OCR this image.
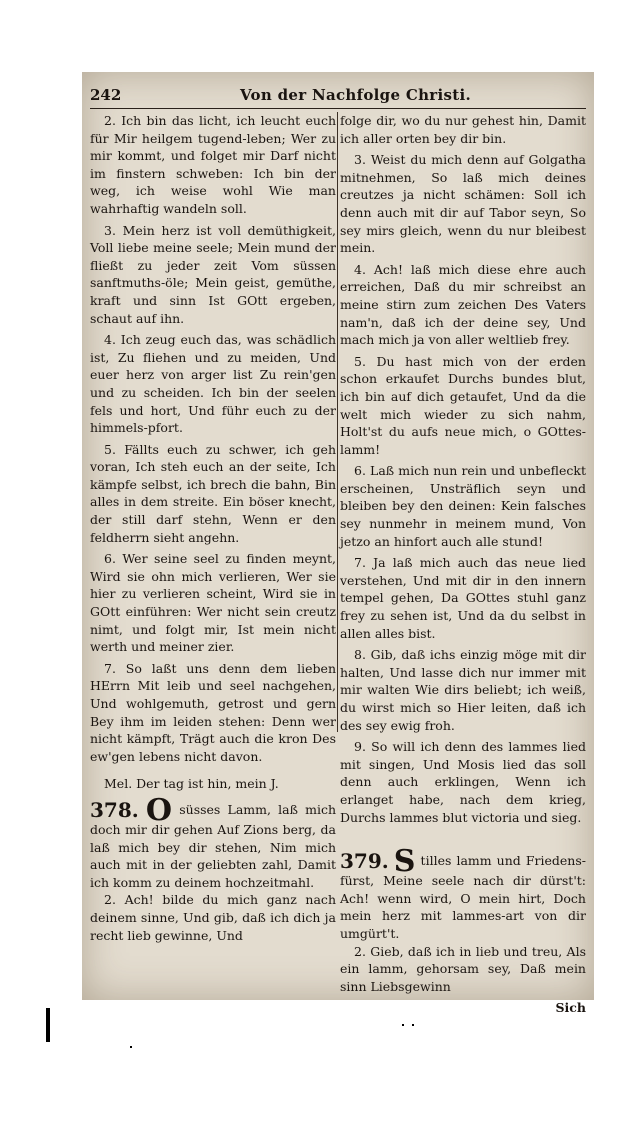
242	Von der Nachfolge Christi.

2. Ich bin das licht, ich leucht euch für Mir heilgem tugend-leben; Wer zu mir kommt, und folget mir Darf nicht im finstern schweben: Ich bin der weg, ich weise wohl Wie man wahrhaftig wandeln soll.

3. Mein herz ist voll demüthigkeit, Voll liebe meine seele; Mein mund der fließt zu jeder zeit Vom süssen sanftmuths-öle; Mein geist, gemüthe, kraft und sinn Ist GOtt ergeben, schaut auf ihn.

4. Ich zeug euch das, was schädlich ist, Zu fliehen und zu meiden, Und euer herz von arger list Zu rein'gen und zu scheiden. Ich bin der seelen fels und hort, Und führ euch zu der himmels-pfort.

5. Fällts euch zu schwer, ich geh voran, Ich steh euch an der seite, Ich kämpfe selbst, ich brech die bahn, Bin alles in dem streite. Ein böser knecht, der still darf stehn, Wenn er den feldherrn sieht angehn.

6. Wer seine seel zu finden meynt, Wird sie ohn mich verlieren, Wer sie hier zu verlieren scheint, Wird sie in GOtt einführen: Wer nicht sein creutz nimt, und folgt mir, Ist mein nicht werth und meiner zier.

7. So laßt uns denn dem lieben HErrn Mit leib und seel nachgehen, Und wohlgemuth, getrost und gern Bey ihm im leiden stehen: Denn wer nicht kämpft, Trägt auch die kron Des ew'gen lebens nicht davon.

Mel. Der tag ist hin, mein J.

378. O süsses Lamm, laß mich doch mir dir gehen Auf Zions berg, da laß mich bey dir stehen, Nim mich auch mit in der geliebten zahl, Damit ich komm zu deinem hochzeitmahl.

2. Ach! bilde du mich ganz nach deinem sinne, Und gib, daß ich dich ja recht lieb gewinne, Und

folge dir, wo du nur gehest hin, Damit ich aller orten bey dir bin.

3. Weist du mich denn auf Golgatha mitnehmen, So laß mich deines creutzes ja nicht schämen: Soll ich denn auch mit dir auf Tabor seyn, So sey mirs gleich, wenn du nur bleibest mein.

4. Ach! laß mich diese ehre auch erreichen, Daß du mir schreibst an meine stirn zum zeichen Des Vaters nam'n, daß ich der deine sey, Und mach mich ja von aller weltlieb frey.

5. Du hast mich von der erden schon erkaufet Durchs bundes blut, ich bin auf dich getaufet, Und da die welt mich wieder zu sich nahm, Holt'st du aufs neue mich, o GOttes-lamm!

6. Laß mich nun rein und unbefleckt erscheinen, Unsträflich seyn und bleiben bey den deinen: Kein falsches sey nunmehr in meinem mund, Von jetzo an hinfort auch alle stund!

7. Ja laß mich auch das neue lied verstehen, Und mit dir in den innern tempel gehen, Da GOttes stuhl ganz frey zu sehen ist, Und da du selbst in allen alles bist.

8. Gib, daß ichs einzig möge mit dir halten, Und lasse dich nur immer mit mir walten Wie dirs beliebt; ich weiß, du wirst mich so Hier leiten, daß ich des sey ewig froh.

9. So will ich denn des lammes lied mit singen, Und Mosis lied das soll denn auch erklingen, Wenn ich erlanget habe, nach dem krieg, Durchs lammes blut victoria und sieg.

379. S tilles lamm und Friedens-fürst, Meine seele nach dir dürst't: Ach! wenn wird, O mein hirt, Doch mein herz mit lammes-art von dir umgürt't.

2. Gieb, daß ich in lieb und treu, Als ein lamm, gehorsam sey, Daß mein sinn Liebsgewinn

Sich
